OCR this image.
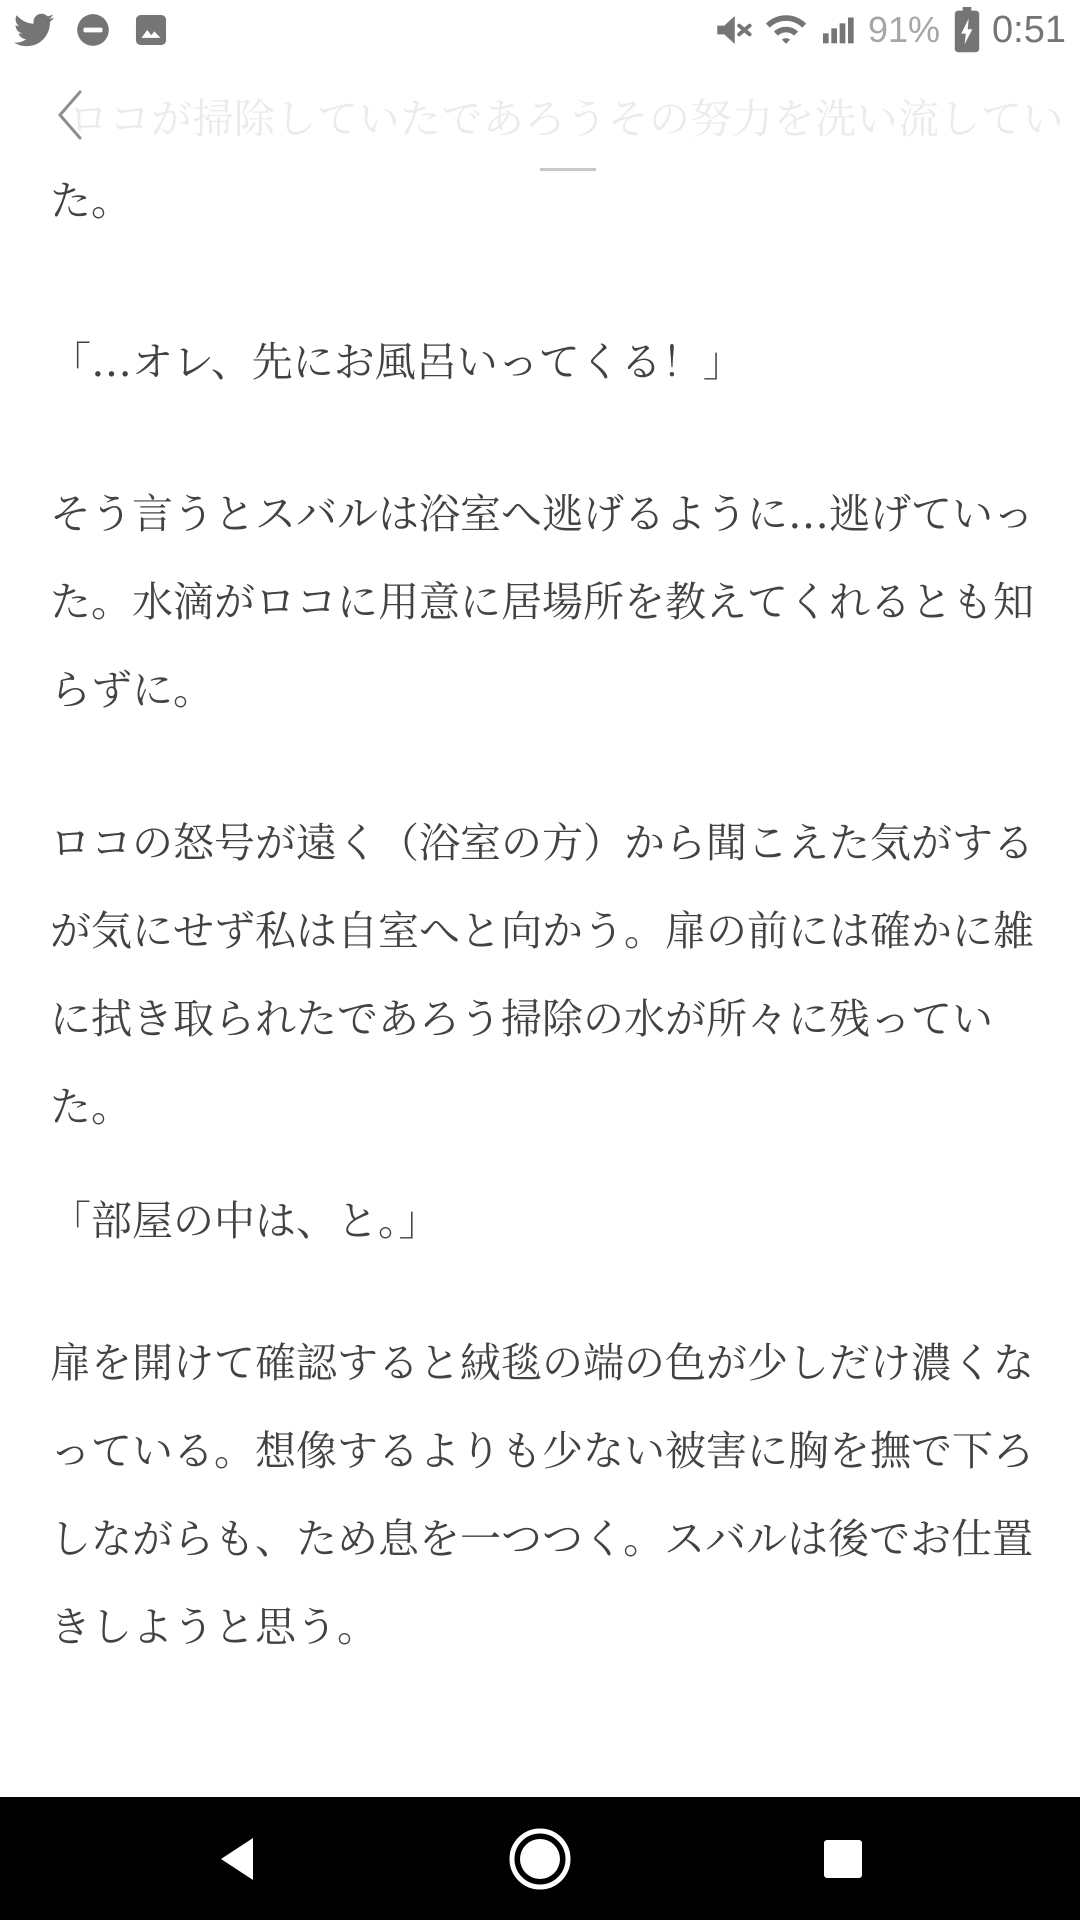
91% 0:51
ロコが掃除していたであろうその努力を洗い流してい
た。
「…オレ、先にお風呂いってくる！」
そう言うとスバルは浴室へ逃げるように…逃げていっ
た。水滴がロコに用意に居場所を教えてくれるとも知
らずに。
ロコの怒号が遠く（浴室の方）から聞こえた気がする
が気にせず私は自室へと向かう。扉の前には確かに雑
に拭き取られたであろう掃除の水が所々に残ってい
た。
「部屋の中は、と。」
扉を開けて確認すると絨毯の端の色が少しだけ濃くな
っている。想像するよりも少ない被害に胸を撫で下ろ
しながらも、ため息を一つつく。スバルは後でお仕置
きしようと思う。
